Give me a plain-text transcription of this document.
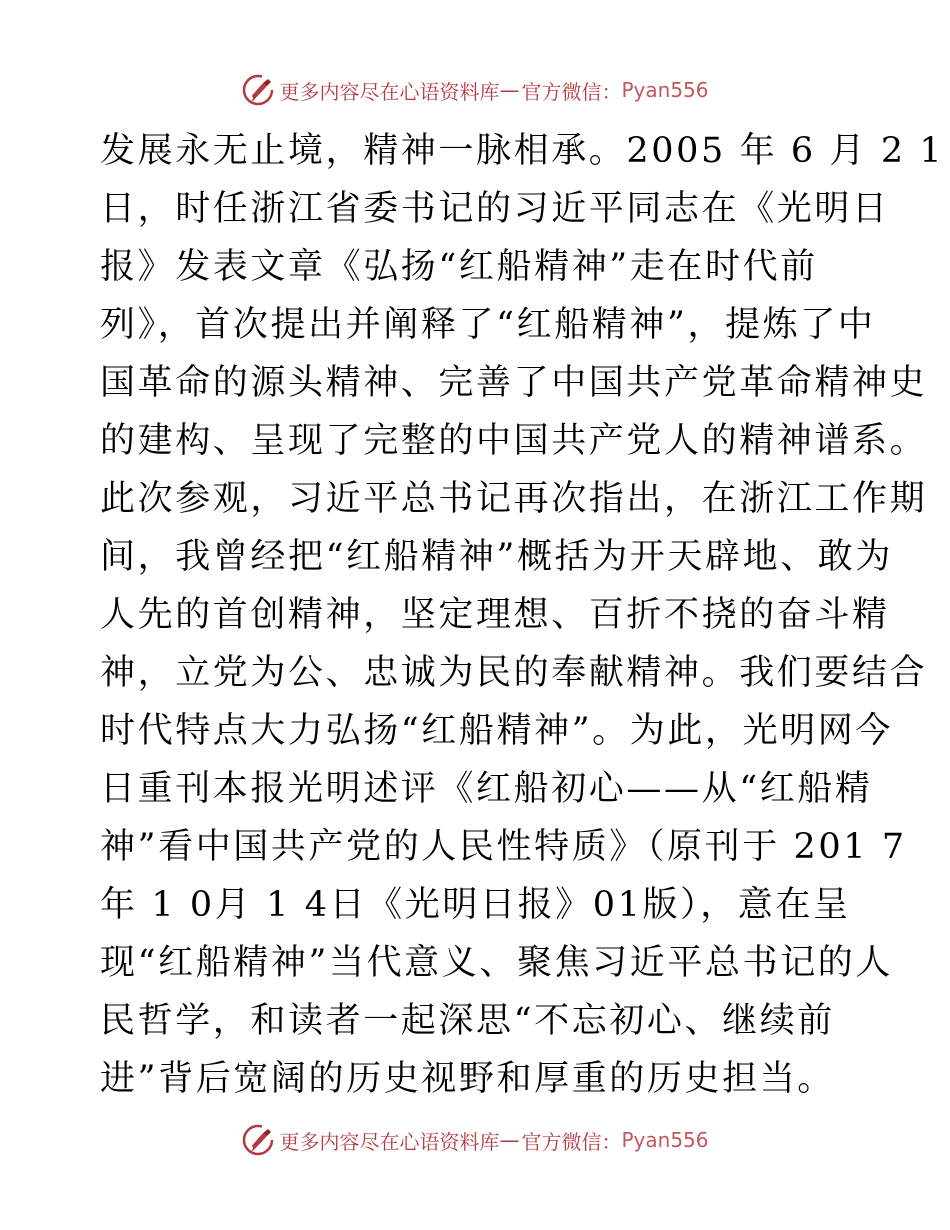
更多内容尽在心语资料库 — 官方微信： Pyan556
发展永无止境，精神一脉相承。2005 年 6 月 2 1
日，时任浙江省委书记的习近平同志在《光明日
报》发表文章《弘扬“红船精神”走在时代前
列》，首次提出并阐释了“红船精神”，提炼了中
国革命的源头精神、完善了中国共产党革命精神史
的建构、呈现了完整的中国共产党人的精神谱系。
此次参观，习近平总书记再次指出，在浙江工作期
间，我曾经把“红船精神”概括为开天辟地、敢为
人先的首创精神，坚定理想、百折不挠的奋斗精
神，立党为公、忠诚为民的奉献精神。我们要结合
时代特点大力弘扬“红船精神”。为此，光明网今
日重刊本报光明述评《红船初心——从“红船精
神”看中国共产党的人民性特质》（原刊于 201 7
年 1 0月 1 4日《光明日报》01版），意在呈
现“红船精神”当代意义、聚焦习近平总书记的人
民哲学，和读者一起深思“不忘初心、继续前
进”背后宽阔的历史视野和厚重的历史担当。
更多内容尽在心语资料库 — 官方微信： Pyan556
